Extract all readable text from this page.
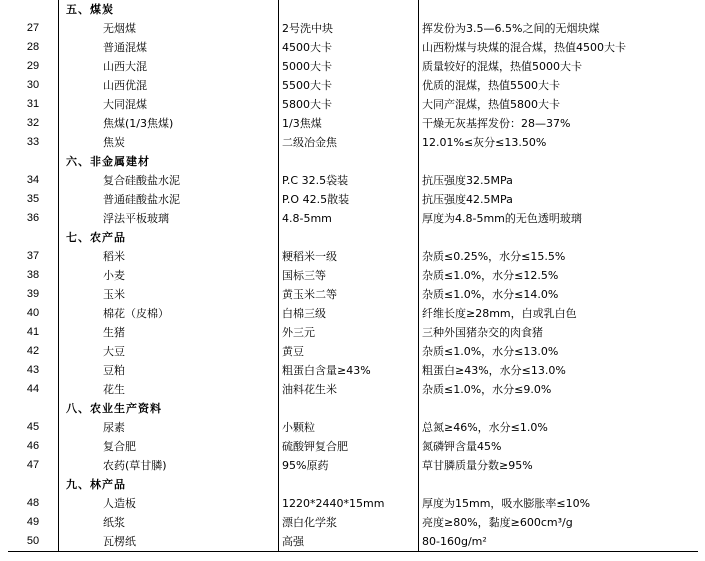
五、煤炭
27	无烟煤	2号洗中块	挥发份为3.5—6.5%之间的无烟块煤
28	普通混煤	4500大卡	山西粉煤与块煤的混合煤，热值4500大卡
29	山西大混	5000大卡	质量较好的混煤，热值5000大卡
30	山西优混	5500大卡	优质的混煤，热值5500大卡
31	大同混煤	5800大卡	大同产混煤，热值5800大卡
32	焦煤(1/3焦煤)	1/3焦煤	干燥无灰基挥发份：28—37%
33	焦炭	二级冶金焦	12.01%≤灰分≤13.50%
六、非金属建材
34	复合硅酸盐水泥	P.C 32.5袋装	抗压强度32.5MPa
35	普通硅酸盐水泥	P.O 42.5散装	抗压强度42.5MPa
36	浮法平板玻璃	4.8-5mm	厚度为4.8-5mm的无色透明玻璃
七、农产品
37	稻米	粳稻米一级	杂质≤0.25%，水分≤15.5%
38	小麦	国标三等	杂质≤1.0%，水分≤12.5%
39	玉米	黄玉米二等	杂质≤1.0%，水分≤14.0%
40	棉花（皮棉）	白棉三级	纤维长度≥28mm，白或乳白色
41	生猪	外三元	三种外国猪杂交的肉食猪
42	大豆	黄豆	杂质≤1.0%，水分≤13.0%
43	豆粕	粗蛋白含量≥43%	粗蛋白≥43%，水分≤13.0%
44	花生	油料花生米	杂质≤1.0%，水分≤9.0%
八、农业生产资料
45	尿素	小颗粒	总氮≥46%，水分≤1.0%
46	复合肥	硫酸钾复合肥	氮磷钾含量45%
47	农药(草甘膦)	95%原药	草甘膦质量分数≥95%
九、林产品
48	人造板	1220*2440*15mm	厚度为15mm，吸水膨胀率≤10%
49	纸浆	漂白化学浆	亮度≥80%，黏度≥600cm³/g
50	瓦楞纸	高强	80-160g/m²
